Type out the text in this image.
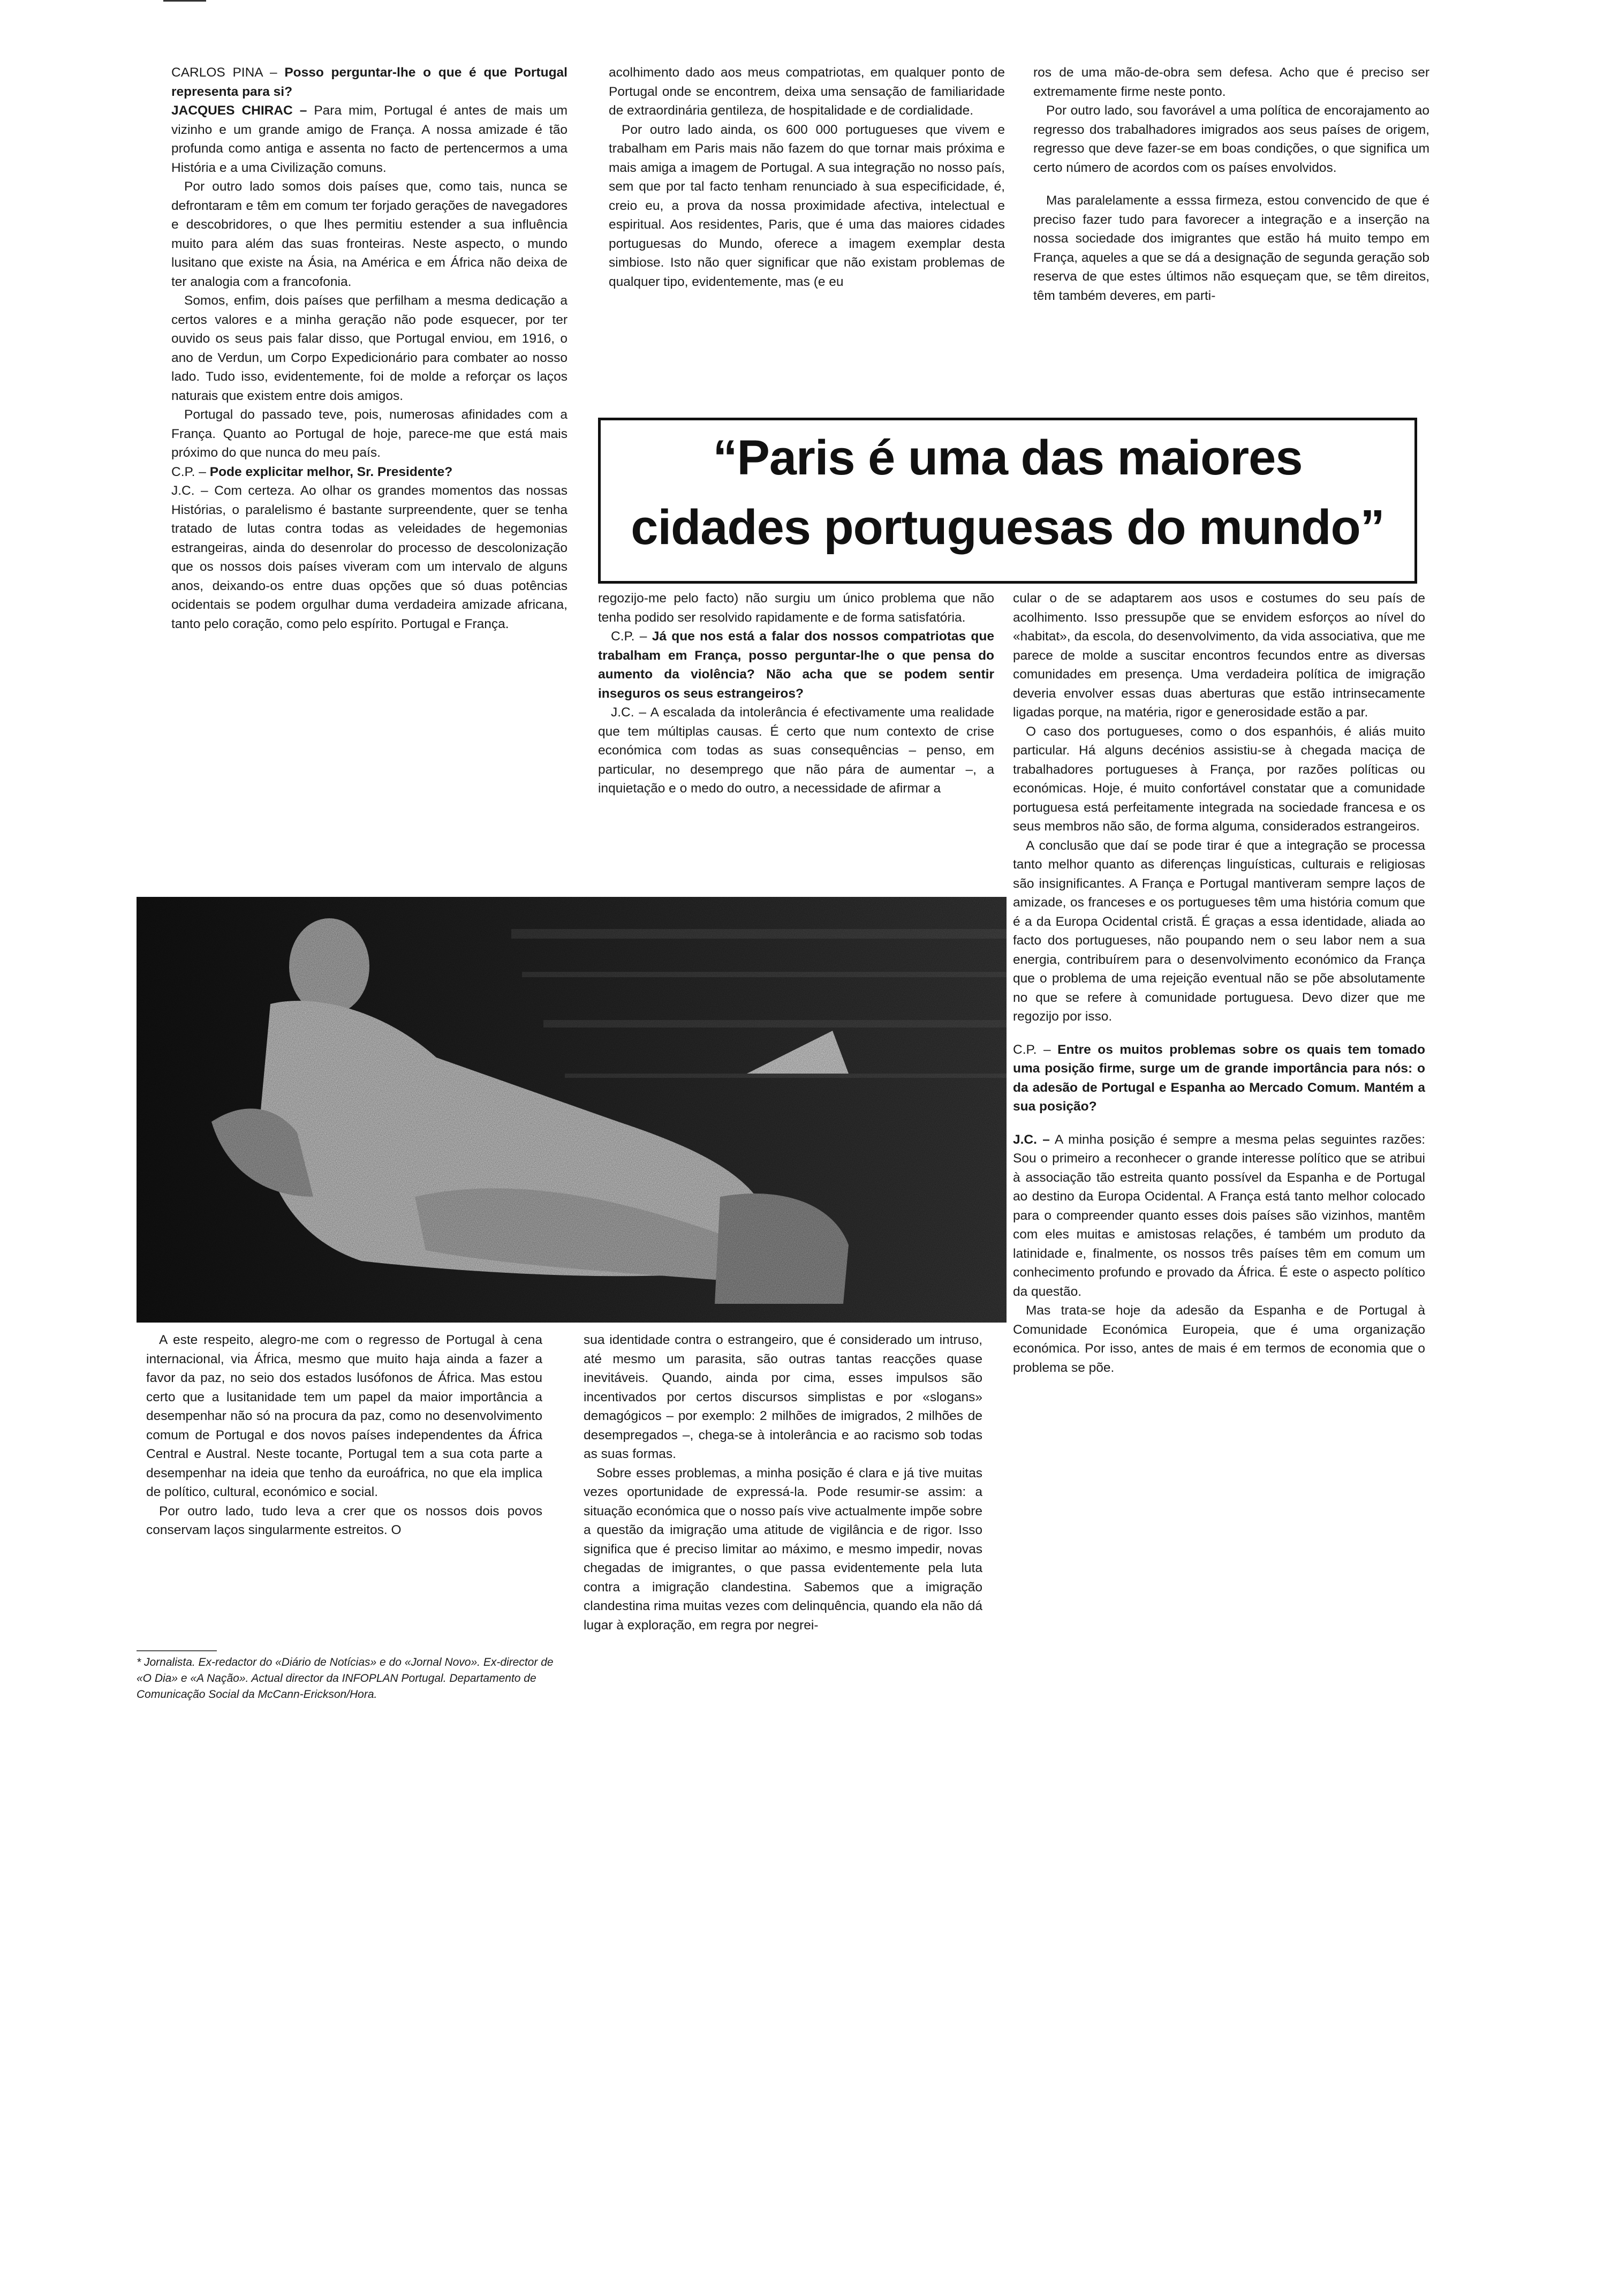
CARLOS PINA – Posso perguntar-lhe o que é que Portugal representa para si?

JACQUES CHIRAC – Para mim, Portugal é antes de mais um vizinho e um grande amigo de França. A nossa amizade é tão profunda como antiga e assenta no facto de pertencermos a uma História e a uma Civilização comuns.

Por outro lado somos dois países que, como tais, nunca se defrontaram e têm em comum ter forjado gerações de navegadores e descobridores, o que lhes permitiu estender a sua influência muito para além das suas fronteiras. Neste aspecto, o mundo lusitano que existe na Ásia, na América e em África não deixa de ter analogia com a francofonia.

Somos, enfim, dois países que perfilham a mesma dedicação a certos valores e a minha geração não pode esquecer, por ter ouvido os seus pais falar disso, que Portugal enviou, em 1916, o ano de Verdun, um Corpo Expedicionário para combater ao nosso lado. Tudo isso, evidentemente, foi de molde a reforçar os laços naturais que existem entre dois amigos.

Portugal do passado teve, pois, numerosas afinidades com a França. Quanto ao Portugal de hoje, parece-me que está mais próximo do que nunca do meu país.

C.P. – Pode explicitar melhor, Sr. Presidente?

J.C. – Com certeza. Ao olhar os grandes momentos das nossas Histórias, o paralelismo é bastante surpreendente, quer se tenha tratado de lutas contra todas as veleidades de hegemonias estrangeiras, ainda do desenrolar do processo de descolonização que os nossos dois países viveram com um intervalo de alguns anos, deixando-os entre duas opções que só duas potências ocidentais se podem orgulhar duma verdadeira amizade africana, tanto pelo coração, como pelo espírito. Portugal e França.

acolhimento dado aos meus compatriotas, em qualquer ponto de Portugal onde se encontrem, deixa uma sensação de familiaridade de extraordinária gentileza, de hospitalidade e de cordialidade.

Por outro lado ainda, os 600 000 portugueses que vivem e trabalham em Paris mais não fazem do que tornar mais próxima e mais amiga a imagem de Portugal. A sua integração no nosso país, sem que por tal facto tenham renunciado à sua especificidade, é, creio eu, a prova da nossa proximidade afectiva, intelectual e espiritual. Aos residentes, Paris, que é uma das maiores cidades portuguesas do Mundo, oferece a imagem exemplar desta simbiose. Isto não quer significar que não existam problemas de qualquer tipo, evidentemente, mas (e eu

ros de uma mão-de-obra sem defesa. Acho que é preciso ser extremamente firme neste ponto.

Por outro lado, sou favorável a uma política de encorajamento ao regresso dos trabalhadores imigrados aos seus países de origem, regresso que deve fazer-se em boas condições, o que significa um certo número de acordos com os países envolvidos.

Mas paralelamente a esssa firmeza, estou convencido de que é preciso fazer tudo para favorecer a integração e a inserção na nossa sociedade dos imigrantes que estão há muito tempo em França, aqueles a que se dá a designação de segunda geração sob reserva de que estes últimos não esqueçam que, se têm direitos, têm também deveres, em parti-

“Paris é uma das maiores
cidades portuguesas do mundo”

regozijo-me pelo facto) não surgiu um único problema que não tenha podido ser resolvido rapidamente e de forma satisfatória.

C.P. – Já que nos está a falar dos nossos compatriotas que trabalham em França, posso perguntar-lhe o que pensa do aumento da violência? Não acha que se podem sentir inseguros os seus estrangeiros?

J.C. – A escalada da intolerância é efectivamente uma realidade que tem múltiplas causas. É certo que num contexto de crise económica com todas as suas consequências – penso, em particular, no desemprego que não pára de aumentar –, a inquietação e o medo do outro, a necessidade de afirmar a

cular o de se adaptarem aos usos e costumes do seu país de acolhimento. Isso pressupõe que se envidem esforços ao nível do «habitat», da escola, do desenvolvimento, da vida associativa, que me parece de molde a suscitar encontros fecundos entre as diversas comunidades em presença. Uma verdadeira política de imigração deveria envolver essas duas aberturas que estão intrinsecamente ligadas porque, na matéria, rigor e generosidade estão a par.

O caso dos portugueses, como o dos espanhóis, é aliás muito particular. Há alguns decénios assistiu-se à chegada maciça de trabalhadores portugueses à França, por razões políticas ou económicas. Hoje, é muito confortável constatar que a comunidade portuguesa está perfeitamente integrada na sociedade francesa e os seus membros não são, de forma alguma, considerados estrangeiros.

A conclusão que daí se pode tirar é que a integração se processa tanto melhor quanto as diferenças linguísticas, culturais e religiosas são insignificantes. A França e Portugal mantiveram sempre laços de amizade, os franceses e os portugueses têm uma história comum que é a da Europa Ocidental cristã. É graças a essa identidade, aliada ao facto dos portugueses, não poupando nem o seu labor nem a sua energia, contribuírem para o desenvolvimento económico da França que o problema de uma rejeição eventual não se põe absolutamente no que se refere à comunidade portuguesa. Devo dizer que me regozijo por isso.

C.P. – Entre os muitos problemas sobre os quais tem tomado uma posição firme, surge um de grande importância para nós: o da adesão de Portugal e Espanha ao Mercado Comum. Mantém a sua posição?

J.C. – A minha posição é sempre a mesma pelas seguintes razões: Sou o primeiro a reconhecer o grande interesse político que se atribui à associação tão estreita quanto possível da Espanha e de Portugal ao destino da Europa Ocidental. A França está tanto melhor colocado para o compreender quanto esses dois países são vizinhos, mantêm com eles muitas e amistosas relações, é também um produto da latinidade e, finalmente, os nossos três países têm em comum um conhecimento profundo e provado da África. É este o aspecto político da questão.

Mas trata-se hoje da adesão da Espanha e de Portugal à Comunidade Económica Europeia, que é uma organização económica. Por isso, antes de mais é em termos de economia que o problema se põe.

A este respeito, alegro-me com o regresso de Portugal à cena internacional, via África, mesmo que muito haja ainda a fazer a favor da paz, no seio dos estados lusófonos de África. Mas estou certo que a lusitanidade tem um papel da maior importância a desempenhar não só na procura da paz, como no desenvolvimento comum de Portugal e dos novos países independentes da África Central e Austral. Neste tocante, Portugal tem a sua cota parte a desempenhar na ideia que tenho da euroáfrica, no que ela implica de político, cultural, económico e social.

Por outro lado, tudo leva a crer que os nossos dois povos conservam laços singularmente estreitos. O

sua identidade contra o estrangeiro, que é considerado um intruso, até mesmo um parasita, são outras tantas reacções quase inevitáveis. Quando, ainda por cima, esses impulsos são incentivados por certos discursos simplistas e por «slogans» demagógicos – por exemplo: 2 milhões de imigrados, 2 milhões de desempregados –, chega-se à intolerância e ao racismo sob todas as suas formas.

Sobre esses problemas, a minha posição é clara e já tive muitas vezes oportunidade de expressá-la. Pode resumir-se assim: a situação económica que o nosso país vive actualmente impõe sobre a questão da imigração uma atitude de vigilância e de rigor. Isso significa que é preciso limitar ao máximo, e mesmo impedir, novas chegadas de imigrantes, o que passa evidentemente pela luta contra a imigração clandestina. Sabemos que a imigração clandestina rima muitas vezes com delinquência, quando ela não dá lugar à exploração, em regra por negrei-

* Jornalista. Ex-redactor do «Diário de Notícias» e do «Jornal Novo». Ex-director de «O Dia» e «A Nação». Actual director da INFOPLAN Portugal. Departamento de Comunicação Social da McCann-Erickson/Hora.
